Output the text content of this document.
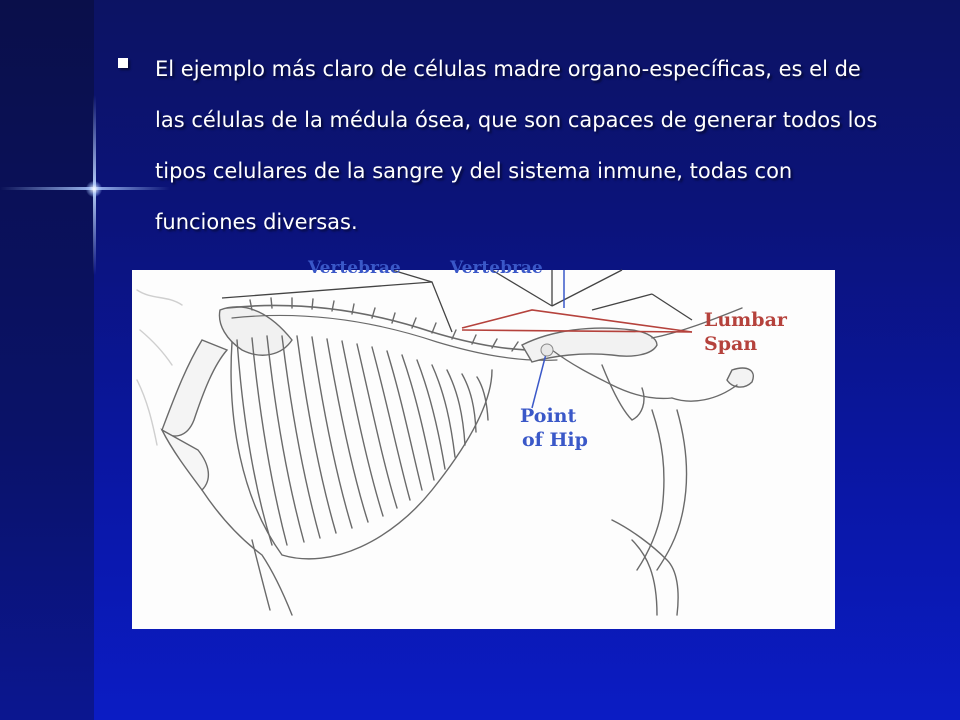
El ejemplo más claro de células madre organo-específicas, es el de las células de la médula ósea, que son capaces de generar todos los tipos celulares de la sangre y del sistema inmune, todas con funciones diversas.
Vertebrae	Vertebrae
Lumbar
Span
Point
of Hip
